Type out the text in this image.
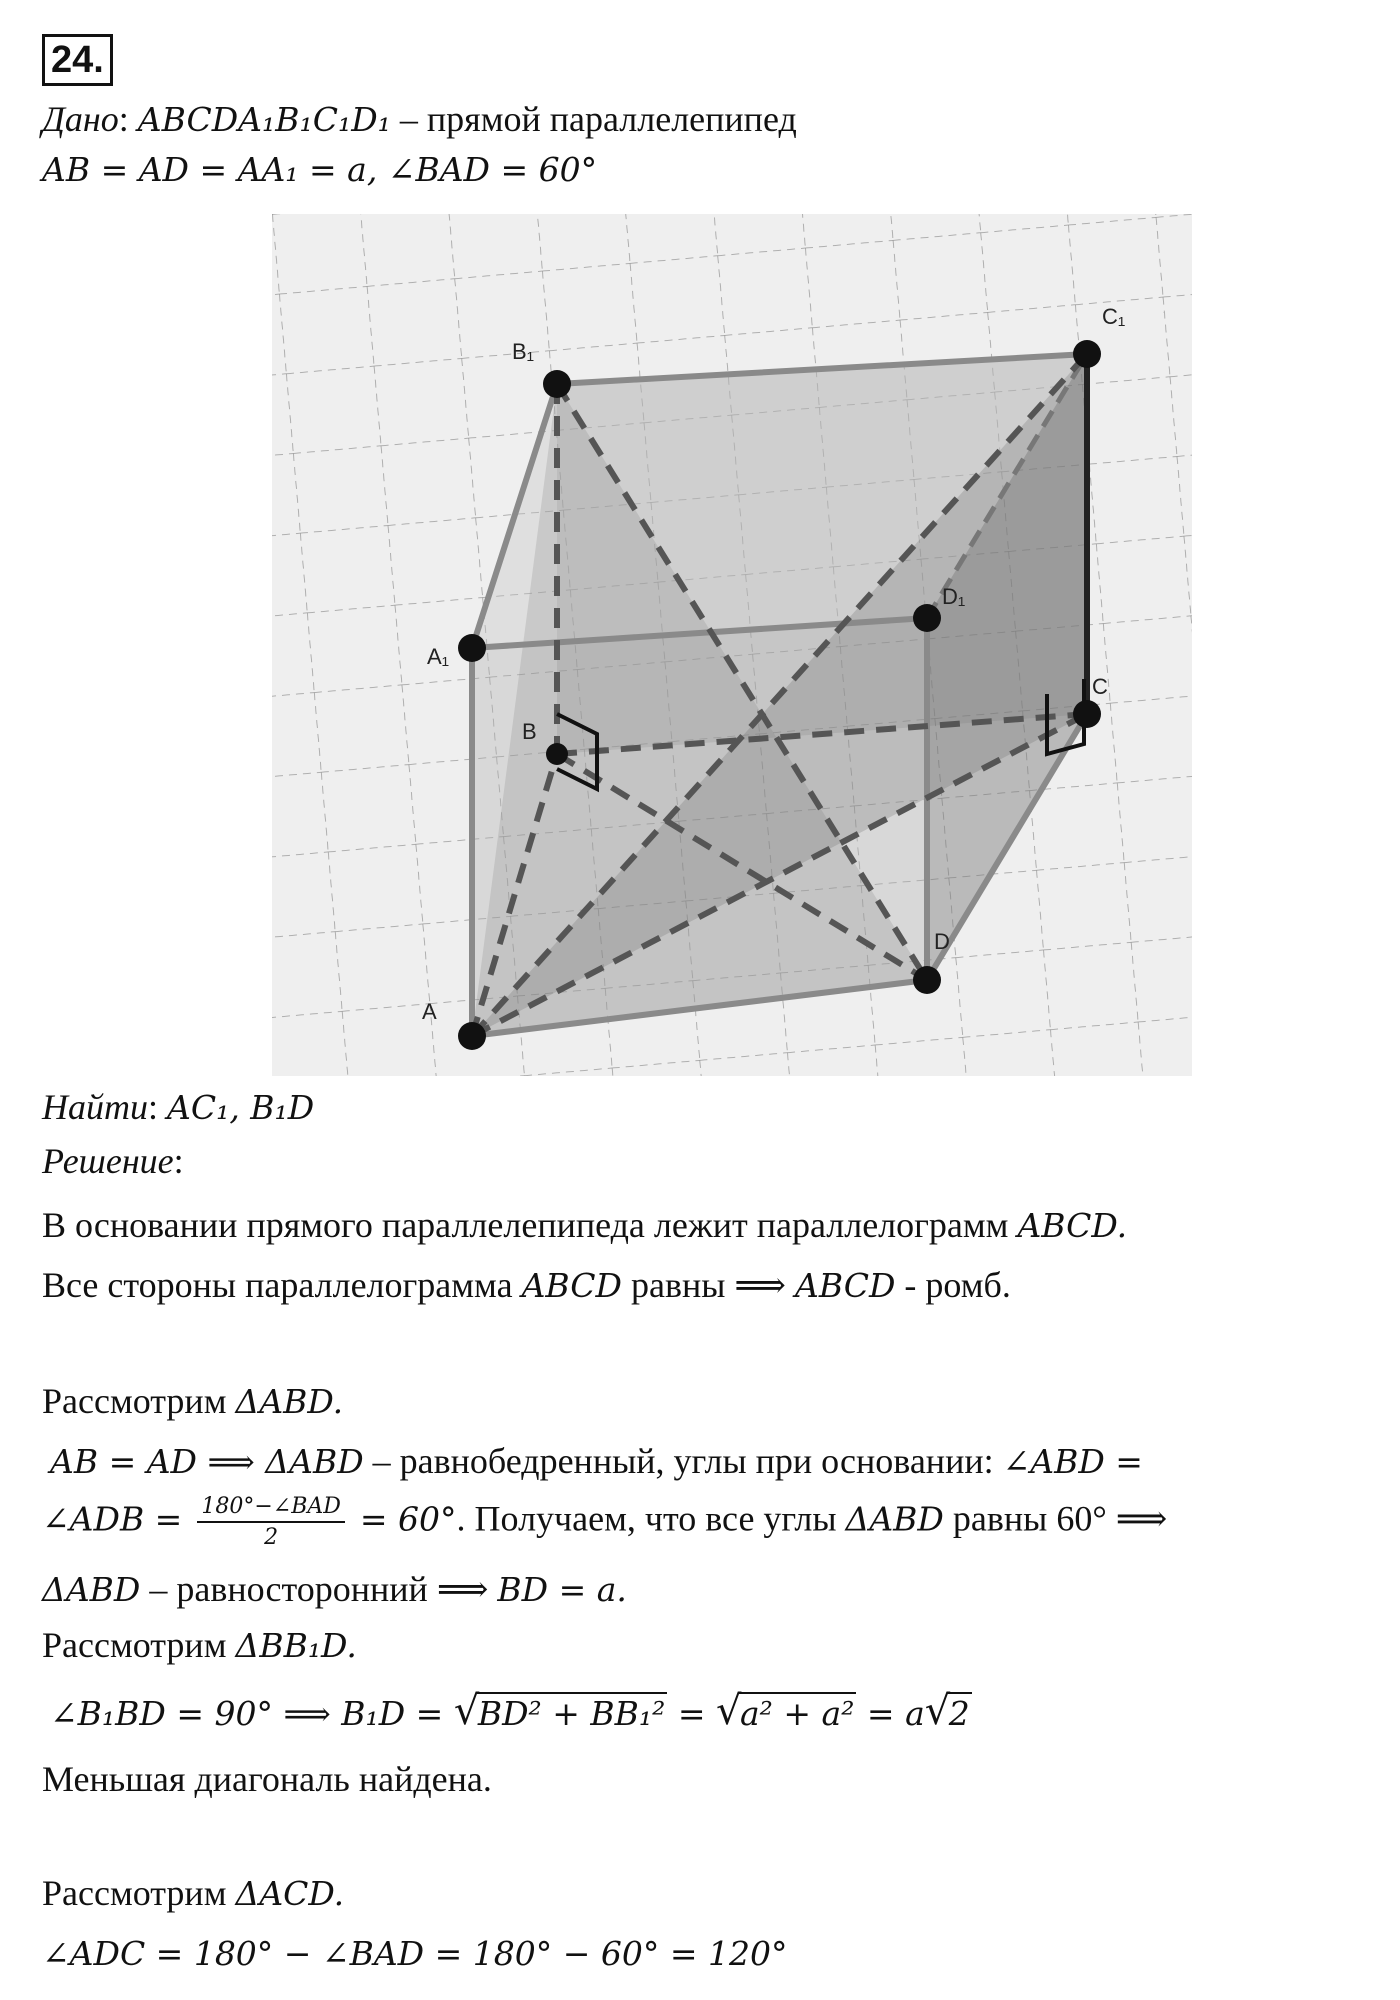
24.
Дано: ABCDA₁B₁C₁D₁ – прямой параллелепипед
AB = AD = AA₁ = a, ∠BAD = 60°
A
D
B
C
A₁
D₁
B₁
C₁
Найти: AC₁, B₁D
Решение:
В основании прямого параллелепипеда лежит параллелограмм ABCD.
Все стороны параллелограмма ABCD равны ⟹ ABCD - ромб.
Рассмотрим ΔABD.
AB = AD ⟹ ΔABD – равнобедренный, углы при основании: ∠ABD =
∠ADB = $\frac{\text{180°−∠BAD}}{2} = 60^\circ$. Получаем, что все углы ΔABD равны 60° ⟹
ΔABD – равносторонний ⟹ BD = a.
Рассмотрим ΔBB₁D.
∠B₁BD = 90° ⟹ B₁D = √
BD² + BB₁² = √
a² + a² = a √
2
Меньшая диагональ найдена.
Рассмотрим ΔACD.
∠ADC = 180° − ∠BAD = 180° − 60° = 120°
